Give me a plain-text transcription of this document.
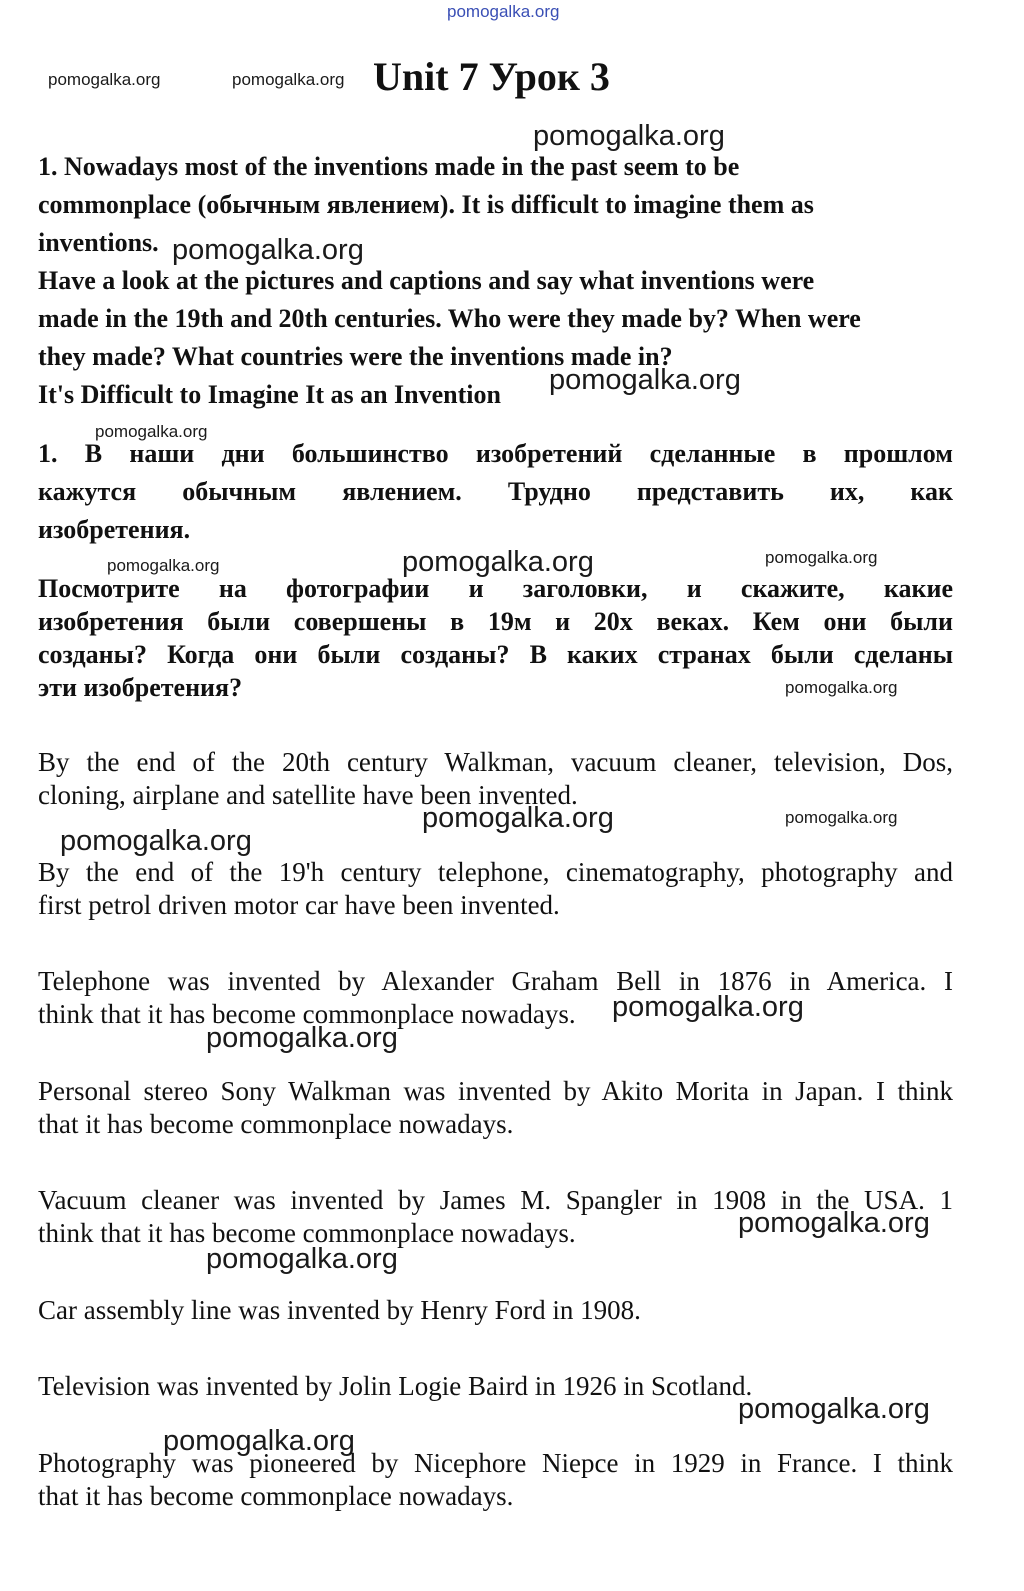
pomogalka.org
pomogalka.org	pomogalka.org Unit 7 Урок 3
pomogalka.org
1. Nowadays most of the inventions made in the past seem to be
commonplace (обычным явлением). It is difficult to imagine them as
inventions.
Have a look at the pictures and captions and say what inventions were
made in the 19th and 20th centuries. Who were they made by? When were
they made? What countries were the inventions made in?
It's Difficult to Imagine It as an Invention
pomogalka.org
pomogalka.org
pomogalka.org
1. В наши дни большинство изобретений сделанные в прошлом
кажутся обычным явлением. Трудно представить их, как
изобретения.
pomogalka.org	pomogalka.org	pomogalka.org
Посмотрите на фотографии и заголовки, и скажите, какие
изобретения были совершены в 19м и 20х веках. Кем они были
созданы? Когда они были созданы? В каких странах были сделаны
эти изобретения?	pomogalka.org
By the end of the 20th century Walkman, vacuum cleaner, television, Dos,
cloning, airplane and satellite have been invented.
pomogalka.org	pomogalka.org
pomogalka.org
By the end of the 19'h century telephone, cinematography, photography and
first petrol driven motor car have been invented.
Telephone was invented by Alexander Graham Bell in 1876 in America. I
think that it has become commonplace nowadays.	pomogalka.org
pomogalka.org
Personal stereo Sony Walkman was invented by Akito Morita in Japan. I think
that it has become commonplace nowadays.
Vacuum cleaner was invented by James M. Spangler in 1908 in the USA. 1
think that it has become commonplace nowadays.	pomogalka.org
pomogalka.org
Car assembly line was invented by Henry Ford in 1908.
Television was invented by Jolin Logie Baird in 1926 in Scotland.
pomogalka.org
pomogalka.org
Photography was pioneered by Nicephore Niepce in 1929 in France. I think
that it has become commonplace nowadays.
